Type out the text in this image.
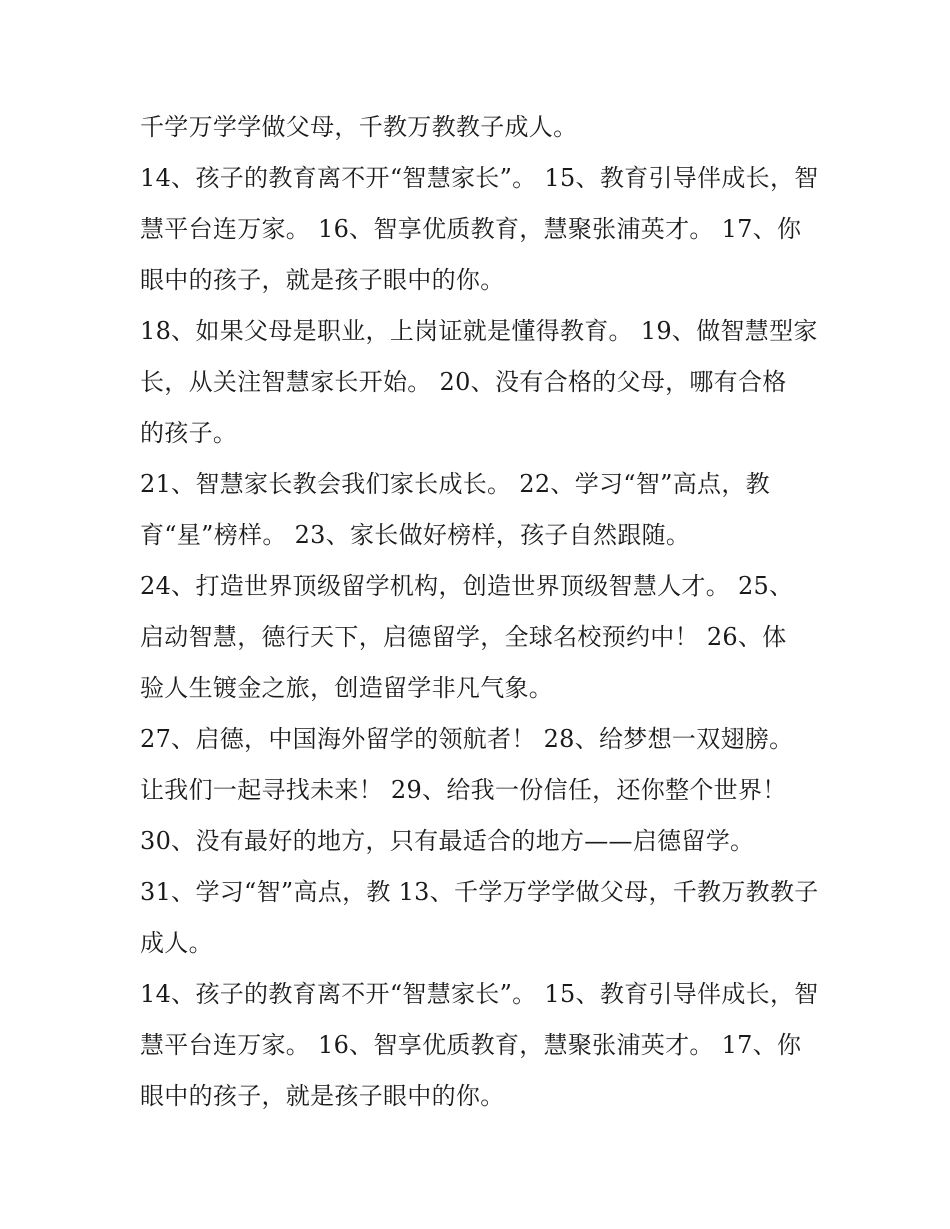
千学万学学做父母，千教万教教子成人。
14、孩子的教育离不开“智慧家长”。 15、教育引导伴成长，智
慧平台连万家。 16、智享优质教育，慧聚张浦英才。 17、你
眼中的孩子，就是孩子眼中的你。
18、如果父母是职业，上岗证就是懂得教育。 19、做智慧型家
长，从关注智慧家长开始。 20、没有合格的父母，哪有合格
的孩子。
21、智慧家长教会我们家长成长。 22、学习“智”高点，教
育“星”榜样。 23、家长做好榜样，孩子自然跟随。
24、打造世界顶级留学机构，创造世界顶级智慧人才。 25、
启动智慧，德行天下，启德留学，全球名校预约中！ 26、体
验人生镀金之旅，创造留学非凡气象。
27、启德，中国海外留学的领航者！ 28、给梦想一双翅膀。
让我们一起寻找未来！ 29、给我一份信任，还你整个世界！
30、没有最好的地方，只有最适合的地方——启德留学。
31、学习“智”高点，教 13、千学万学学做父母，千教万教教子
成人。
14、孩子的教育离不开“智慧家长”。 15、教育引导伴成长，智
慧平台连万家。 16、智享优质教育，慧聚张浦英才。 17、你
眼中的孩子，就是孩子眼中的你。
